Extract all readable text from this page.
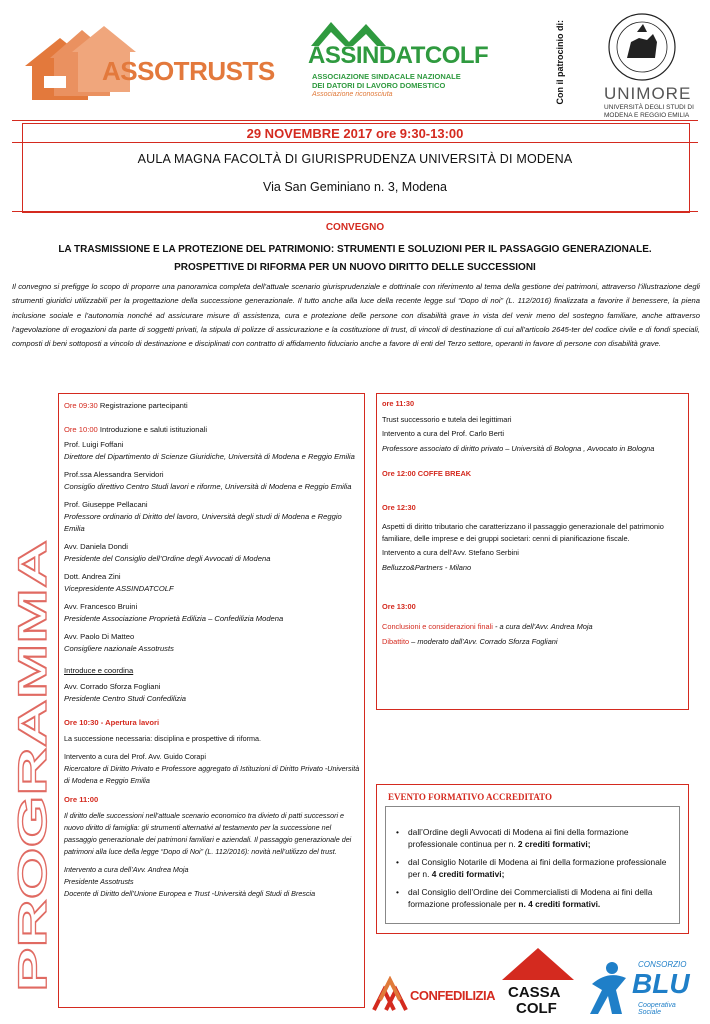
ASSOTRUSTS
ASSINDATCOLF
ASSOCIAZIONE SINDACALE NAZIONALE
DEI DATORI DI LAVORO DOMESTICO
Associazione riconosciuta	Con il patrocinio di: UNIMORE
UNIVERSITÀ DEGLI STUDI DI
MODENA E REGGIO EMILIA
29 NOVEMBRE 2017 ore 9:30-13:00
AULA MAGNA FACOLTÀ DI GIURISPRUDENZA UNIVERSITÀ DI MODENA
Via San Geminiano n. 3, Modena
CONVEGNO
LA TRASMISSIONE E LA PROTEZIONE DEL PATRIMONIO: STRUMENTI E SOLUZIONI PER IL PASSAGGIO GENERAZIONALE.
PROSPETTIVE DI RIFORMA PER UN NUOVO DIRITTO DELLE SUCCESSIONI
Il convegno si prefigge lo scopo di proporre una panoramica completa dell’attuale scenario giurisprudenziale e dottrinale con riferimento al tema della gestione dei patrimoni, attraverso l’illustrazione degli strumenti giuridici utilizzabili per la progettazione della successione generazionale. Il tutto anche alla luce della recente legge sul “Dopo di noi” (L. 112/2016) finalizzata a favorire il benessere, la piena inclusione sociale e l’autonomia nonché ad assicurare misure di assistenza, cura e protezione delle persone con disabilità grave in vista del venir meno del sostegno familiare, anche attraverso l’agevolazione di erogazioni da parte di soggetti privati, la stipula di polizze di assicurazione e la costituzione di trust, di vincoli di destinazione di cui all’articolo 2645-ter del codice civile e di fondi speciali, composti di beni sottoposti a vincolo di destinazione e disciplinati con contratto di affidamento fiduciario anche a favore di enti del Terzo settore, operanti in favore di persone con disabilità grave.
PROGRAMMA
Ore 09:30 Registrazione partecipanti
Ore 10:00 Introduzione e saluti istituzionali
Prof. Luigi Foffani
Direttore del Dipartimento di Scienze Giuridiche, Università di Modena e Reggio Emilia
Prof.ssa Alessandra Servidori
Consiglio direttivo Centro Studi lavori e riforme, Università di Modena e Reggio Emilia
Prof. Giuseppe Pellacani
Professore ordinario di Diritto del lavoro, Università degli studi di Modena e Reggio Emilia
Avv. Daniela Dondi
Presidente del Consiglio dell’Ordine degli Avvocati di Modena
Dott. Andrea Zini
Vicepresidente ASSINDATCOLF
Avv. Francesco Bruini
Presidente Associazione Proprietà Edilizia – Confedilizia Modena
Avv. Paolo Di Matteo
Consigliere nazionale Assotrusts
Introduce e coordina
Avv. Corrado Sforza Fogliani
Presidente Centro Studi Confedilizia
Ore 10:30 - Apertura lavori
La successione necessaria: disciplina e prospettive di riforma.
Intervento a cura del Prof. Avv. Guido Corapi
Ricercatore di Diritto Privato e Professore aggregato di Istituzioni di Diritto Privato -Università di Modena e Reggio Emilia
Ore 11:00
Il diritto delle successioni nell’attuale scenario economico tra divieto di patti successori e nuovo diritto di famiglia: gli strumenti alternativi al testamento per la successione nel passaggio generazionale dei patrimoni familiari e aziendali. Il passaggio generazionale dei patrimoni alla luce della legge “Dopo di Noi” (L. 112/2016): novità nell’utilizzo del trust.
Intervento a cura dell’Avv. Andrea Moja
Presidente Assotrusts
Docente di Diritto dell’Unione Europea e Trust -Università degli Studi di Brescia
ore 11:30
Trust successorio e tutela dei legittimari
Intervento a cura del Prof. Carlo Berti
Professore associato di diritto privato – Università di Bologna , Avvocato in Bologna
Ore 12:00 COFFE BREAK
Ore 12:30
Aspetti di diritto tributario che caratterizzano il passaggio generazionale del patrimonio familiare, delle imprese e dei gruppi societari: cenni di pianificazione fiscale.
Intervento a cura dell’Avv. Stefano Serbini
Belluzzo&Partners - Milano
Ore 13:00
Conclusioni e considerazioni finali - a cura dell’Avv. Andrea Moja
Dibattito – moderato dall’Avv. Corrado Sforza Fogliani
EVENTO FORMATIVO ACCREDITATO
• dall’Ordine degli Avvocati di Modena ai fini della formazione professionale continua per n. 2 crediti formativi;
• dal Consiglio Notarile di Modena ai fini della formazione professionale per n. 4 crediti formativi;
• dal Consiglio dell’Ordine dei Commercialisti di Modena ai fini della formazione professionale per n. 4 crediti formativi.
CONFEDILIZIA CASSA
COLF
CONSORZIO
BLU
Cooperativa Sociale
